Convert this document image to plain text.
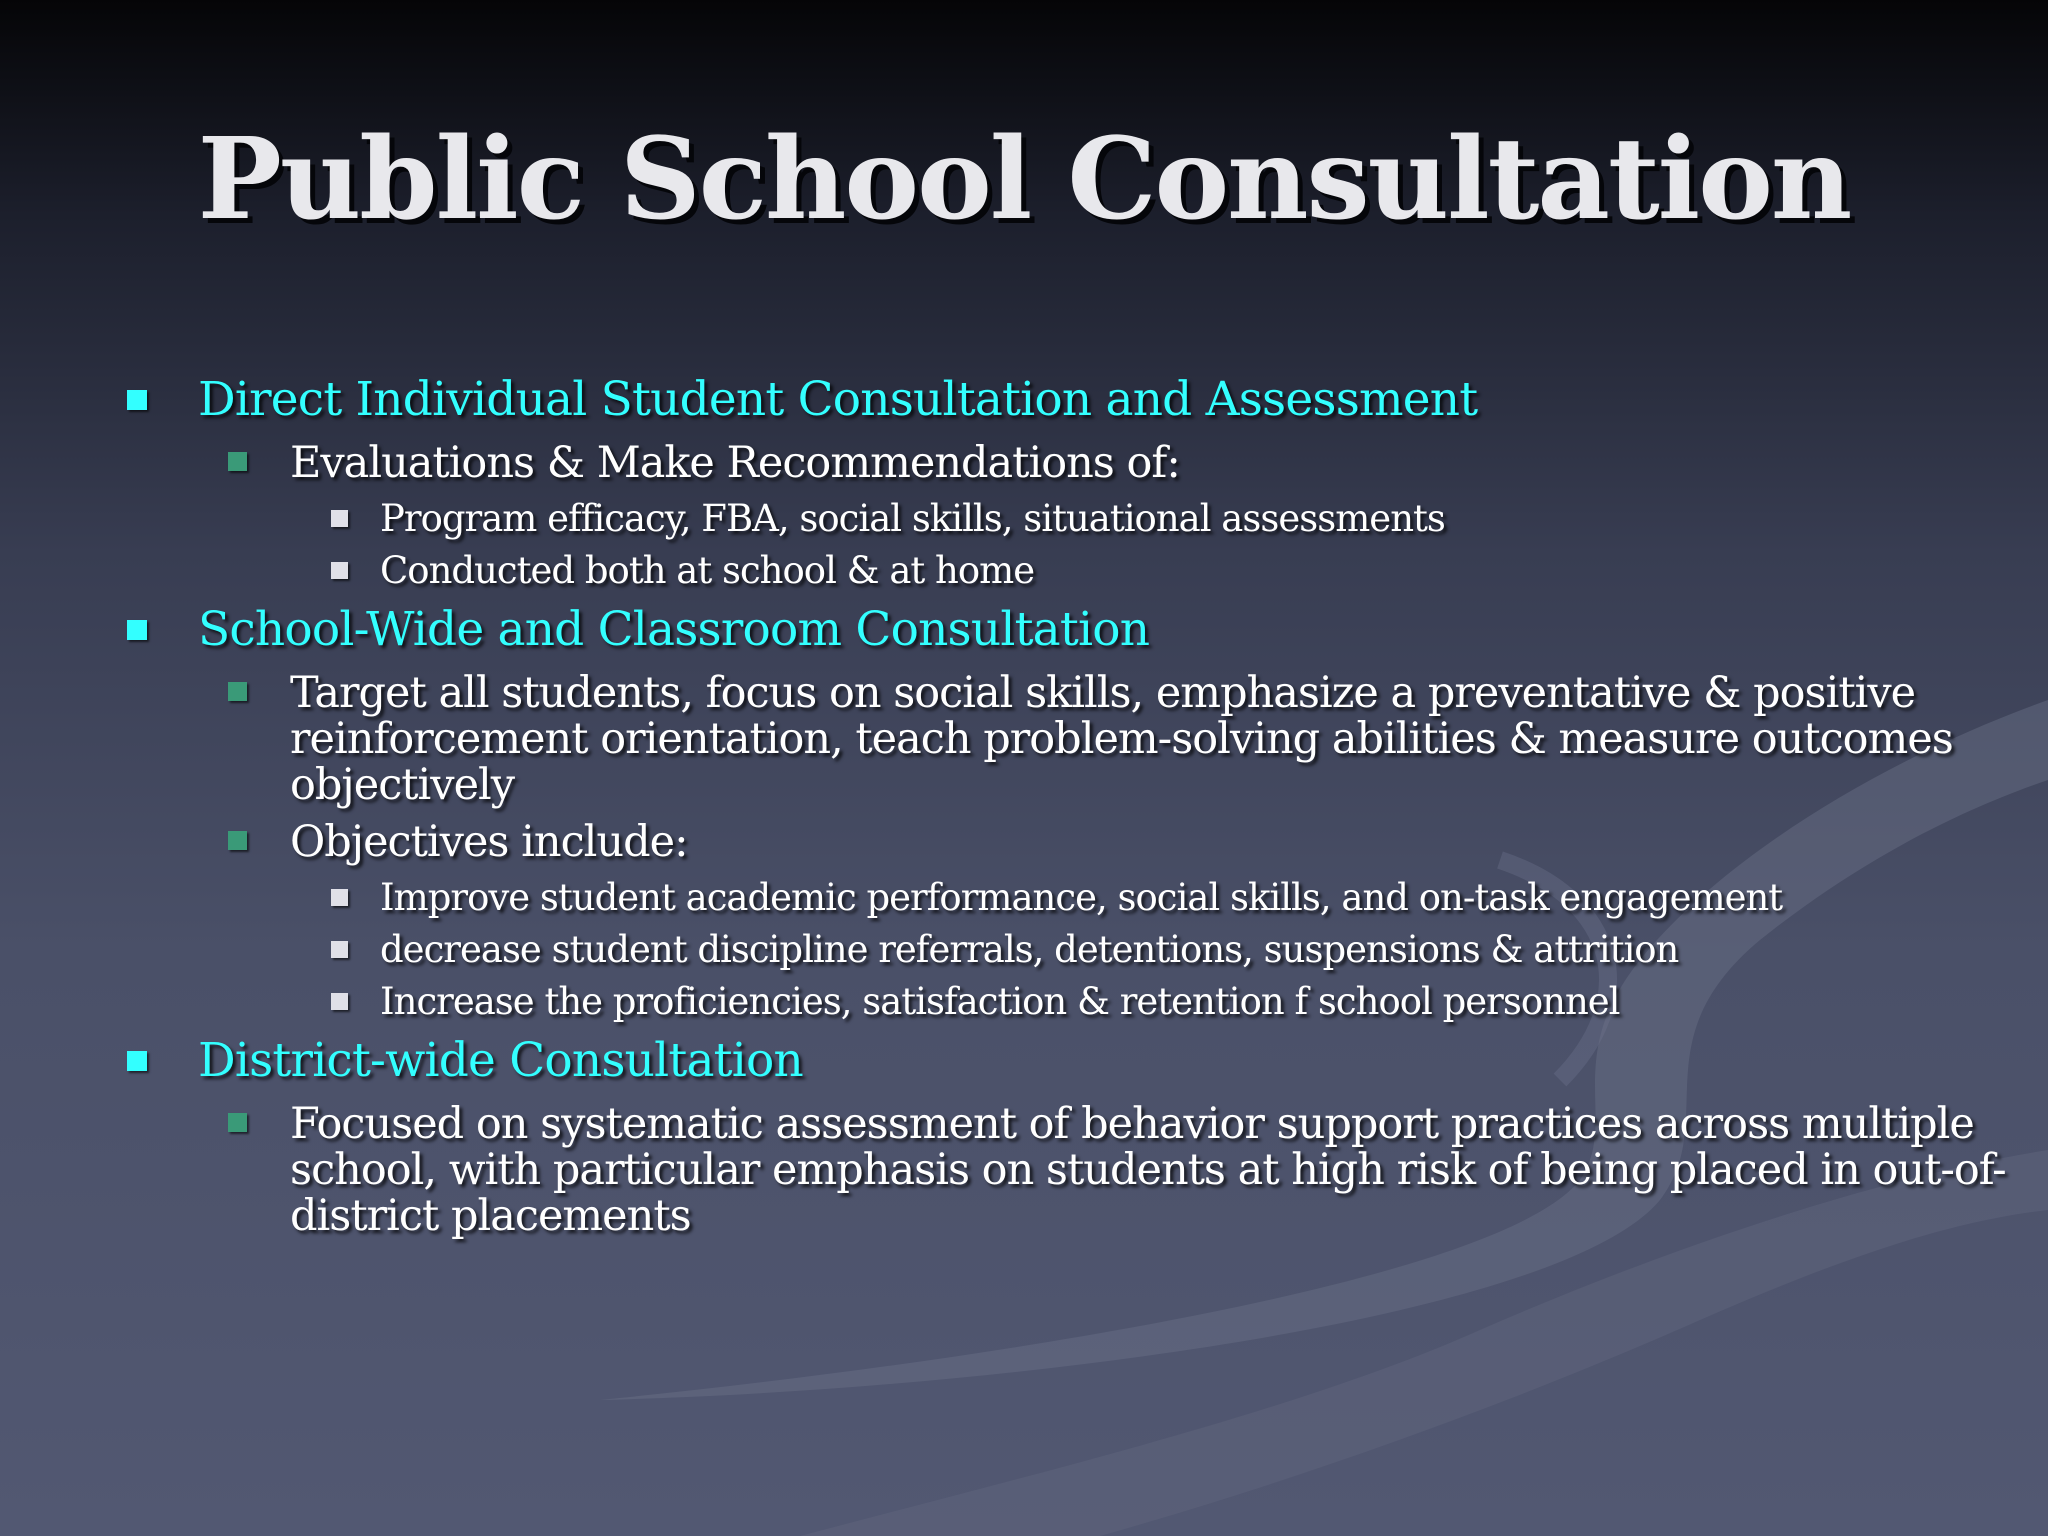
Public School Consultation
Direct Individual Student Consultation and Assessment
Evaluations & Make Recommendations of:
Program efficacy, FBA, social skills, situational assessments
Conducted both at school & at home
School-Wide and Classroom Consultation
Target all students, focus on social skills, emphasize a preventative & positive
reinforcement orientation, teach problem-solving abilities & measure outcomes
objectively
Objectives include:
Improve student academic performance, social skills, and on-task engagement
decrease student discipline referrals, detentions, suspensions & attrition
Increase the proficiencies, satisfaction & retention f school personnel
District-wide Consultation
Focused on systematic assessment of behavior support practices across multiple
school, with particular emphasis on students at high risk of being placed in out-of-
district placements
